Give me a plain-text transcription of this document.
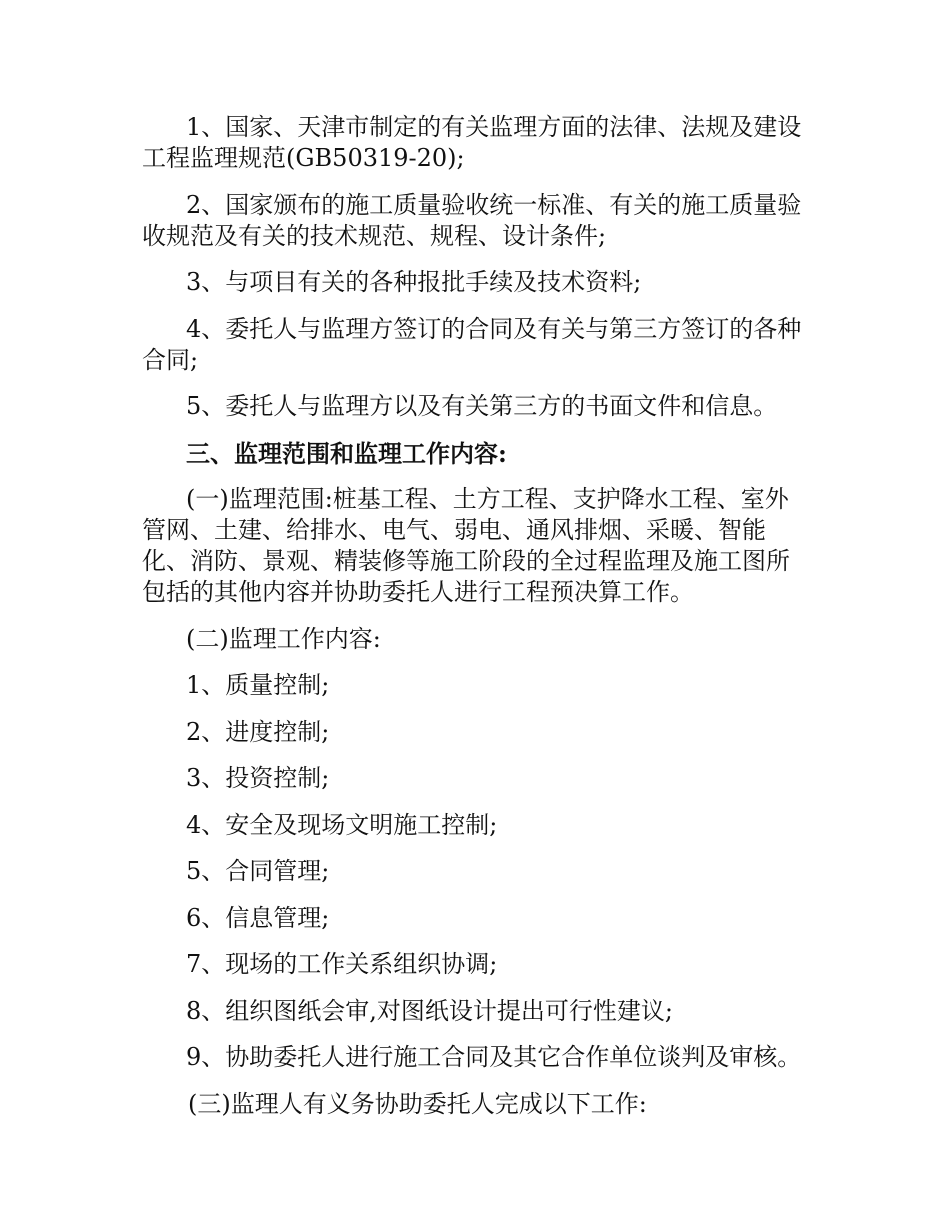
1、国家、天津市制定的有关监理方面的法律、法规及建设工程监理规范(GB50319-20);

2、国家颁布的施工质量验收统一标准、有关的施工质量验收规范及有关的技术规范、规程、设计条件;

3、与项目有关的各种报批手续及技术资料;

4、委托人与监理方签订的合同及有关与第三方签订的各种合同;

5、委托人与监理方以及有关第三方的书面文件和信息。

三、监理范围和监理工作内容:

(一)监理范围:桩基工程、土方工程、支护降水工程、室外管网、土建、给排水、电气、弱电、通风排烟、采暖、智能化、消防、景观、精装修等施工阶段的全过程监理及施工图所包括的其他内容并协助委托人进行工程预决算工作。

(二)监理工作内容:

1、质量控制;

2、进度控制;

3、投资控制;

4、安全及现场文明施工控制;

5、合同管理;

6、信息管理;

7、现场的工作关系组织协调;

8、组织图纸会审,对图纸设计提出可行性建议;

9、协助委托人进行施工合同及其它合作单位谈判及审核。

(三)监理人有义务协助委托人完成以下工作:
